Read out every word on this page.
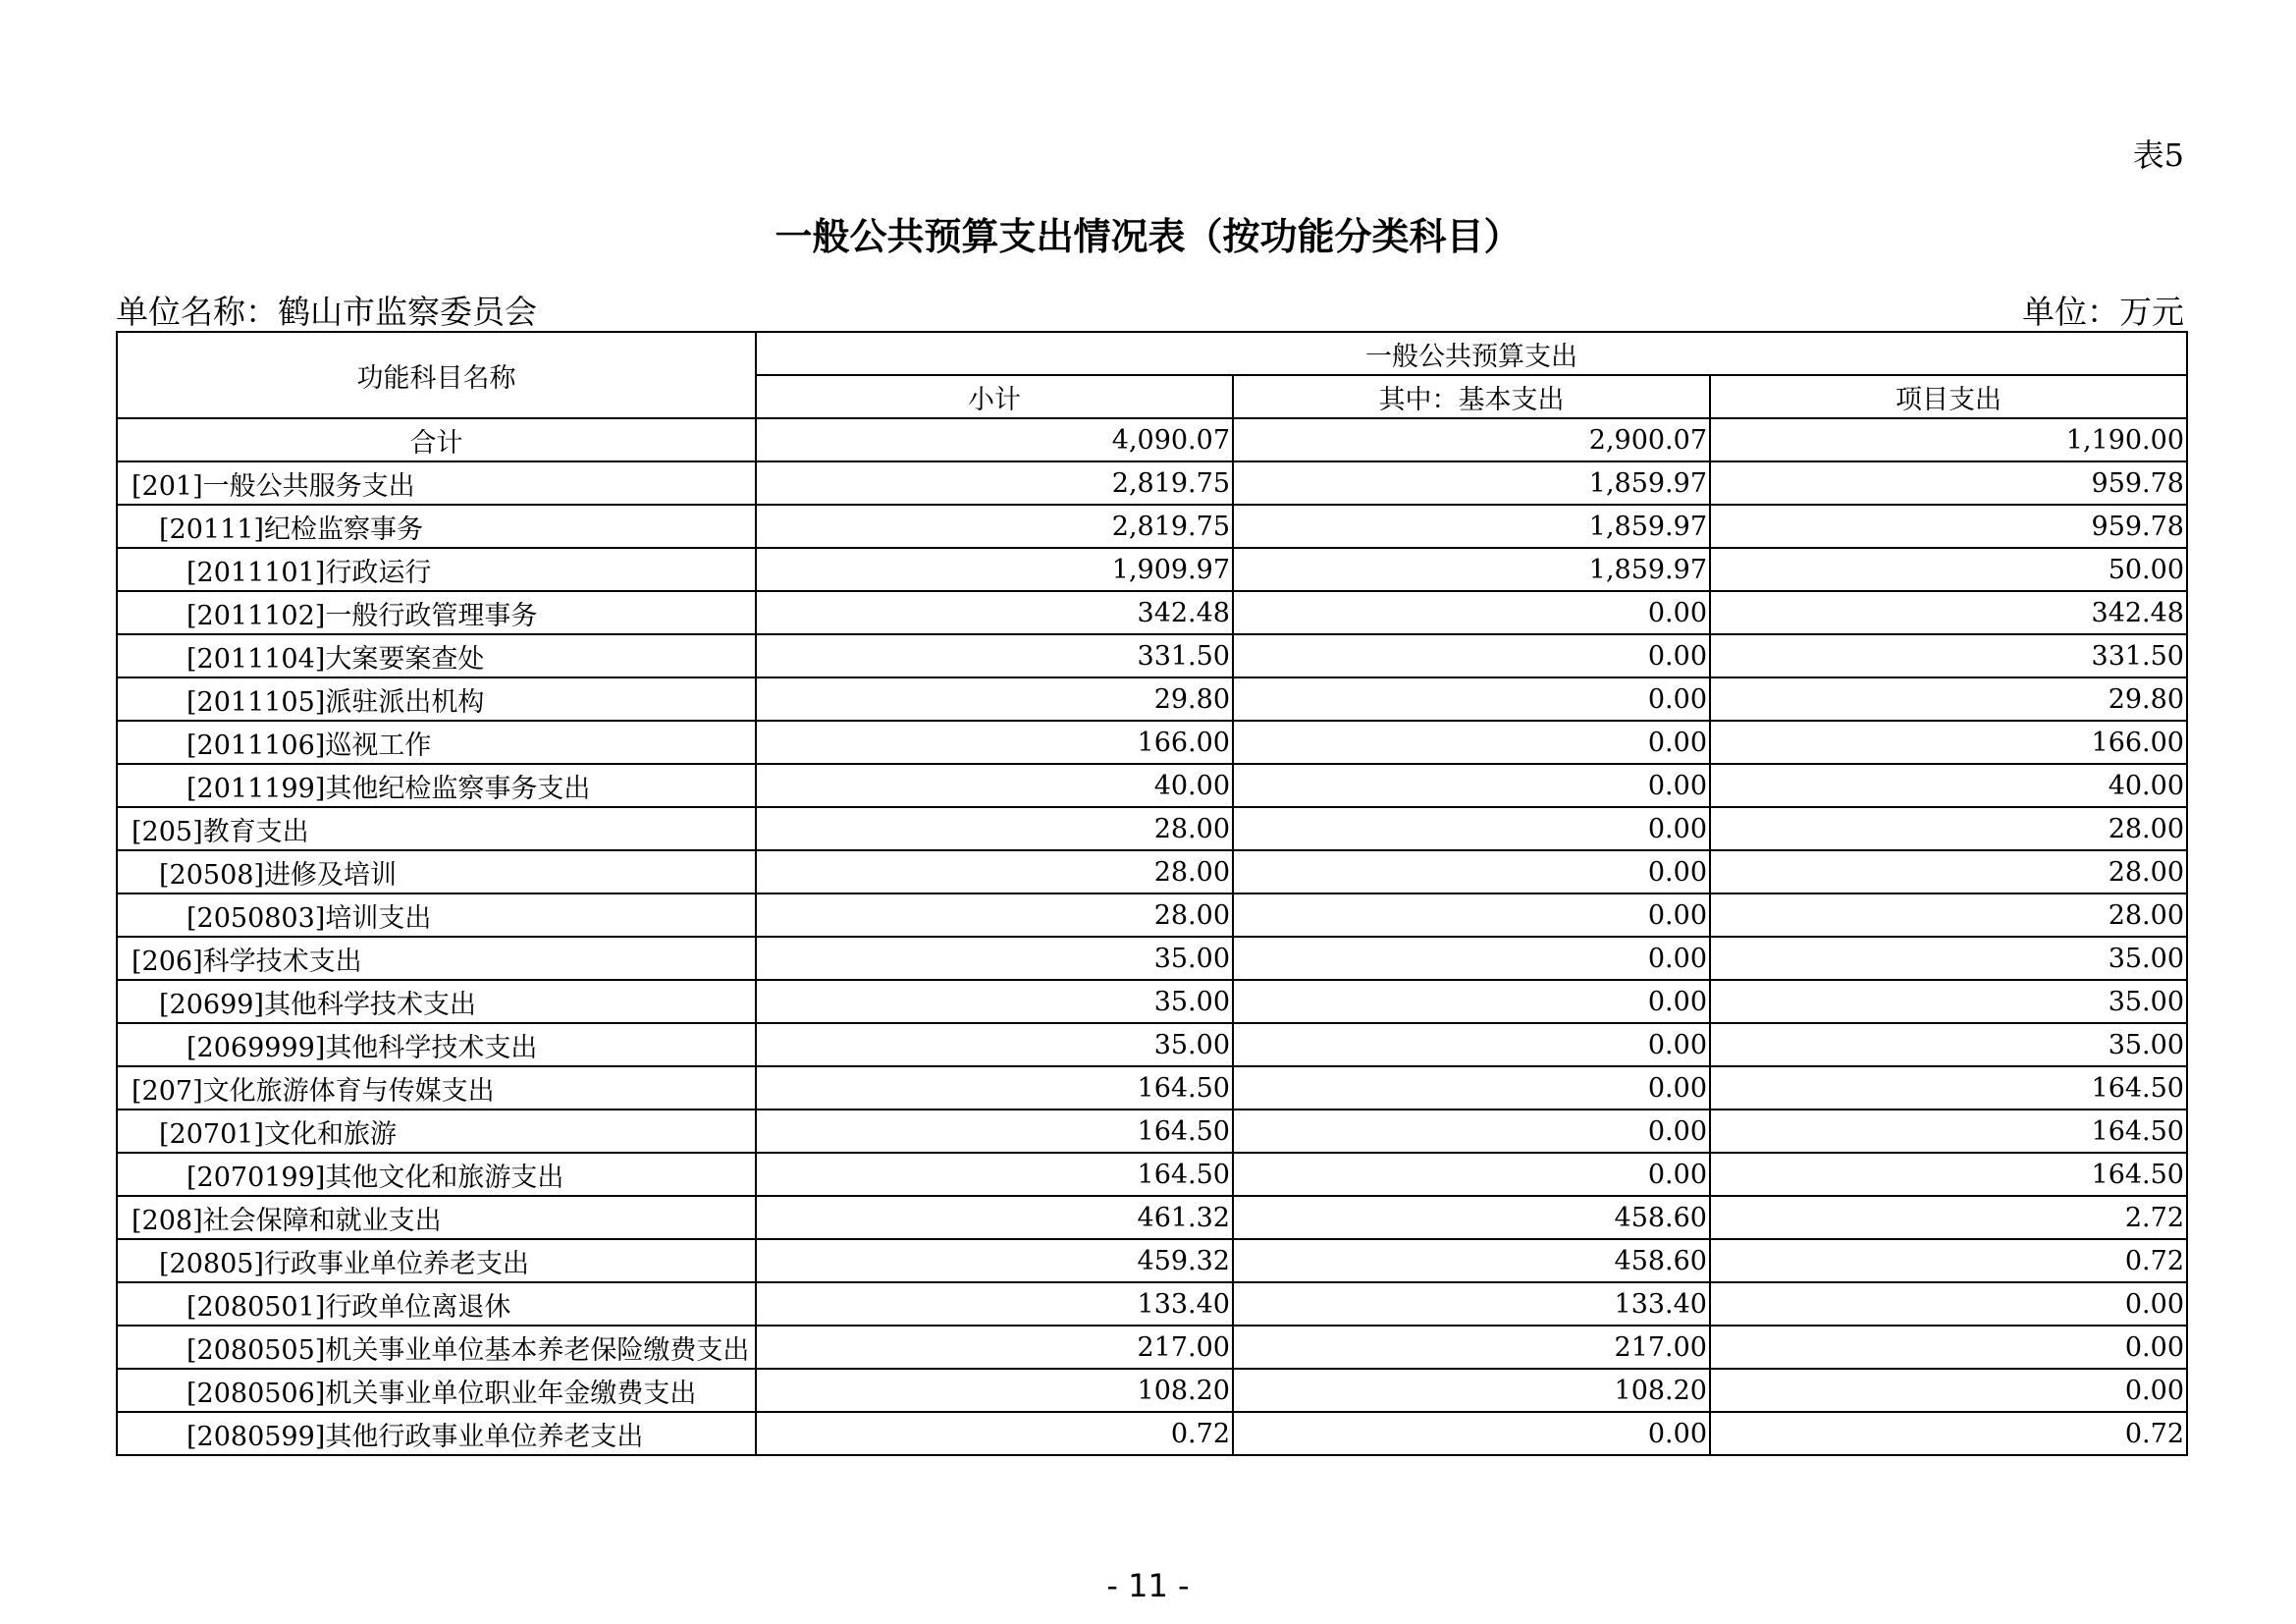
表5
一般公共预算支出情况表（按功能分类科目）
单位名称：鹤山市监察委员会	单位：万元
功能科目名称	一般公共预算支出		
	小计	其中：基本支出	项目支出
合计	4,090.07	2,900.07	1,190.00
[201]一般公共服务支出	2,819.75	1,859.97	959.78
[20111]纪检监察事务	2,819.75	1,859.97	959.78
[2011101]行政运行	1,909.97	1,859.97	50.00
[2011102]一般行政管理事务	342.48	0.00	342.48
[2011104]大案要案查处	331.50	0.00	331.50
[2011105]派驻派出机构	29.80	0.00	29.80
[2011106]巡视工作	166.00	0.00	166.00
[2011199]其他纪检监察事务支出	40.00	0.00	40.00
[205]教育支出	28.00	0.00	28.00
[20508]进修及培训	28.00	0.00	28.00
[2050803]培训支出	28.00	0.00	28.00
[206]科学技术支出	35.00	0.00	35.00
[20699]其他科学技术支出	35.00	0.00	35.00
[2069999]其他科学技术支出	35.00	0.00	35.00
[207]文化旅游体育与传媒支出	164.50	0.00	164.50
[20701]文化和旅游	164.50	0.00	164.50
[2070199]其他文化和旅游支出	164.50	0.00	164.50
[208]社会保障和就业支出	461.32	458.60	2.72
[20805]行政事业单位养老支出	459.32	458.60	0.72
[2080501]行政单位离退休	133.40	133.40	0.00
[2080505]机关事业单位基本养老保险缴费支出	217.00	217.00	0.00
[2080506]机关事业单位职业年金缴费支出	108.20	108.20	0.00
[2080599]其他行政事业单位养老支出	0.72	0.00	0.72
- 11 -
